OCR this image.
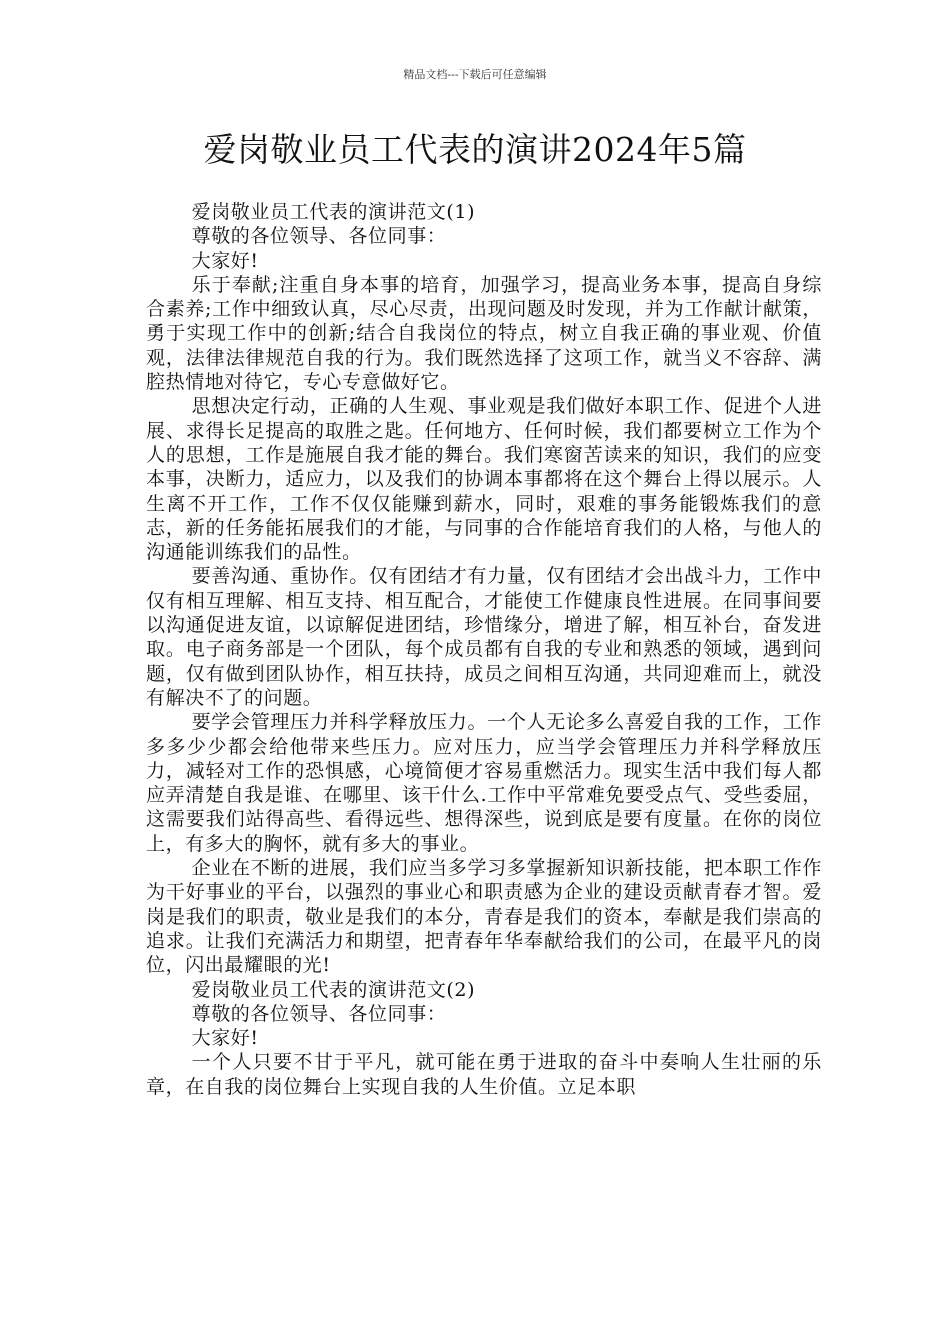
精品文档---下载后可任意编辑
爱岗敬业员工代表的演讲2024年5篇

爱岗敬业员工代表的演讲范文(1)

尊敬的各位领导、各位同事：

大家好!

乐于奉献;注重自身本事的培育，加强学习，提高业务本事，提高自身综合素养;工作中细致认真，尽心尽责，出现问题及时发现，并为工作献计献策，勇于实现工作中的创新;结合自我岗位的特点，树立自我正确的事业观、价值观，法律法律规范自我的行为。我们既然选择了这项工作，就当义不容辞、满腔热情地对待它，专心专意做好它。

思想决定行动，正确的人生观、事业观是我们做好本职工作、促进个人进展、求得长足提高的取胜之匙。任何地方、任何时候，我们都要树立工作为个人的思想，工作是施展自我才能的舞台。我们寒窗苦读来的知识，我们的应变本事，决断力，适应力，以及我们的协调本事都将在这个舞台上得以展示。人生离不开工作，工作不仅仅能赚到薪水，同时，艰难的事务能锻炼我们的意志，新的任务能拓展我们的才能，与同事的合作能培育我们的人格，与他人的沟通能训练我们的品性。

要善沟通、重协作。仅有团结才有力量，仅有团结才会出战斗力，工作中仅有相互理解、相互支持、相互配合，才能使工作健康良性进展。在同事间要以沟通促进友谊，以谅解促进团结，珍惜缘分，增进了解，相互补台，奋发进取。电子商务部是一个团队，每个成员都有自我的专业和熟悉的领域，遇到问题，仅有做到团队协作，相互扶持，成员之间相互沟通，共同迎难而上，就没有解决不了的问题。

要学会管理压力并科学释放压力。一个人无论多么喜爱自我的工作，工作多多少少都会给他带来些压力。应对压力，应当学会管理压力并科学释放压力，减轻对工作的恐惧感，心境简便才容易重燃活力。现实生活中我们每人都应弄清楚自我是谁、在哪里、该干什么.工作中平常难免要受点气、受些委屈，这需要我们站得高些、看得远些、想得深些，说到底是要有度量。在你的岗位上，有多大的胸怀，就有多大的事业。

企业在不断的进展，我们应当多学习多掌握新知识新技能，把本职工作作为干好事业的平台，以强烈的事业心和职责感为企业的建设贡献青春才智。爱岗是我们的职责，敬业是我们的本分，青春是我们的资本，奉献是我们崇高的追求。让我们充满活力和期望，把青春年华奉献给我们的公司，在最平凡的岗位，闪出最耀眼的光!

爱岗敬业员工代表的演讲范文(2)

尊敬的各位领导、各位同事：

大家好!

一个人只要不甘于平凡，就可能在勇于进取的奋斗中奏响人生壮丽的乐章，在自我的岗位舞台上实现自我的人生价值。立足本职
